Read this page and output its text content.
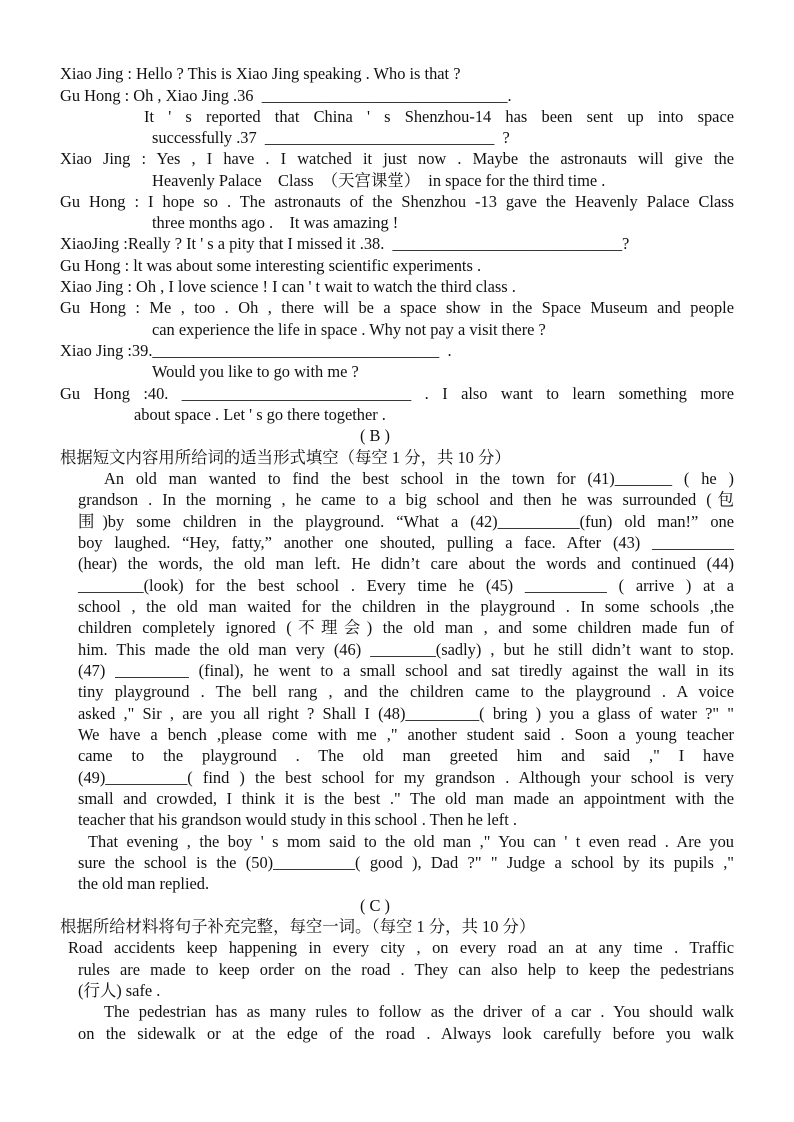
Xiao Jing : Hello ? This is Xiao Jing speaking . Who is that ?
Gu Hong : Oh , Xiao Jing .36  ______________________________.
It ' s reported that China ' s Shenzhou-14 has been sent up into space
successfully .37  ____________________________  ?
Xiao Jing : Yes , I have . I watched it just now . Maybe the astronauts will give the
Heavenly Palace    Class  （天宫课堂）  in space for the third time .
Gu Hong : I hope so . The astronauts of the Shenzhou -13 gave the Heavenly Palace Class
three months ago .    It was amazing !
XiaoJing :Really ? It ' s a pity that I missed it .38.  ____________________________?
Gu Hong : lt was about some interesting scientific experiments .
Xiao Jing : Oh , I love science ! I can ' t wait to watch the third class .
Gu Hong : Me , too . Oh , there will be a space show in the Space Museum and people
can experience the life in space . Why not pay a visit there ?
Xiao Jing :39.___________________________________  .
Would you like to go with me ?
Gu Hong :40. ____________________________ . I also want to learn something more
about space . Let ' s go there together .
( B )
根据短文内容用所给词的适当形式填空（每空 1 分，共 10 分）
An old man wanted to find the best school in the town for (41)_______ ( he )
grandson . In the morning , he came to a big school and then he was surrounded (包
围)by some children in the playground. “What a (42)__________(fun) old man!” one
boy laughed. “Hey, fatty,” another one shouted, pulling a face. After (43) __________
(hear) the words, the old man left. He didn’t care about the words and continued (44)
________(look) for the best school . Every time he (45) __________ ( arrive ) at a
school , the old man waited for the children in the playground . In some schools ,the
children completely ignored (不理会) the old man , and some children made fun of
him. This made the old man very (46) ________(sadly) , but he still didn’t want to stop.
(47) _________ (final), he went to a small school and sat tiredly against the wall in its
tiny playground . The bell rang , and the children came to the playground . A voice
asked ," Sir , are you all right ? Shall I (48)_________( bring ) you a glass of water ?" "
We have a bench ,please come with me ," another student said . Soon a young teacher
came to the playground . The old man greeted him and said ," I have
(49)__________( find ) the best school for my grandson . Although your school is very
small and crowded, I think it is the best ." The old man made an appointment with the
teacher that his grandson would study in this school . Then he left .
That evening , the boy ' s mom said to the old man ," You can ' t even read . Are you
sure the school is the (50)__________( good ), Dad ?" " Judge a school by its pupils ,"
the old man replied.
( C )
根据所给材料将句子补充完整，每空一词。（每空 1 分，共 10 分）
Road accidents keep happening in every city , on every road an at any time . Traffic
rules are made to keep order on the road . They can also help to keep the pedestrians
(行人) safe .
The pedestrian has as many rules to follow as the driver of a car . You should walk
on the sidewalk or at the edge of the road . Always look carefully before you walk
